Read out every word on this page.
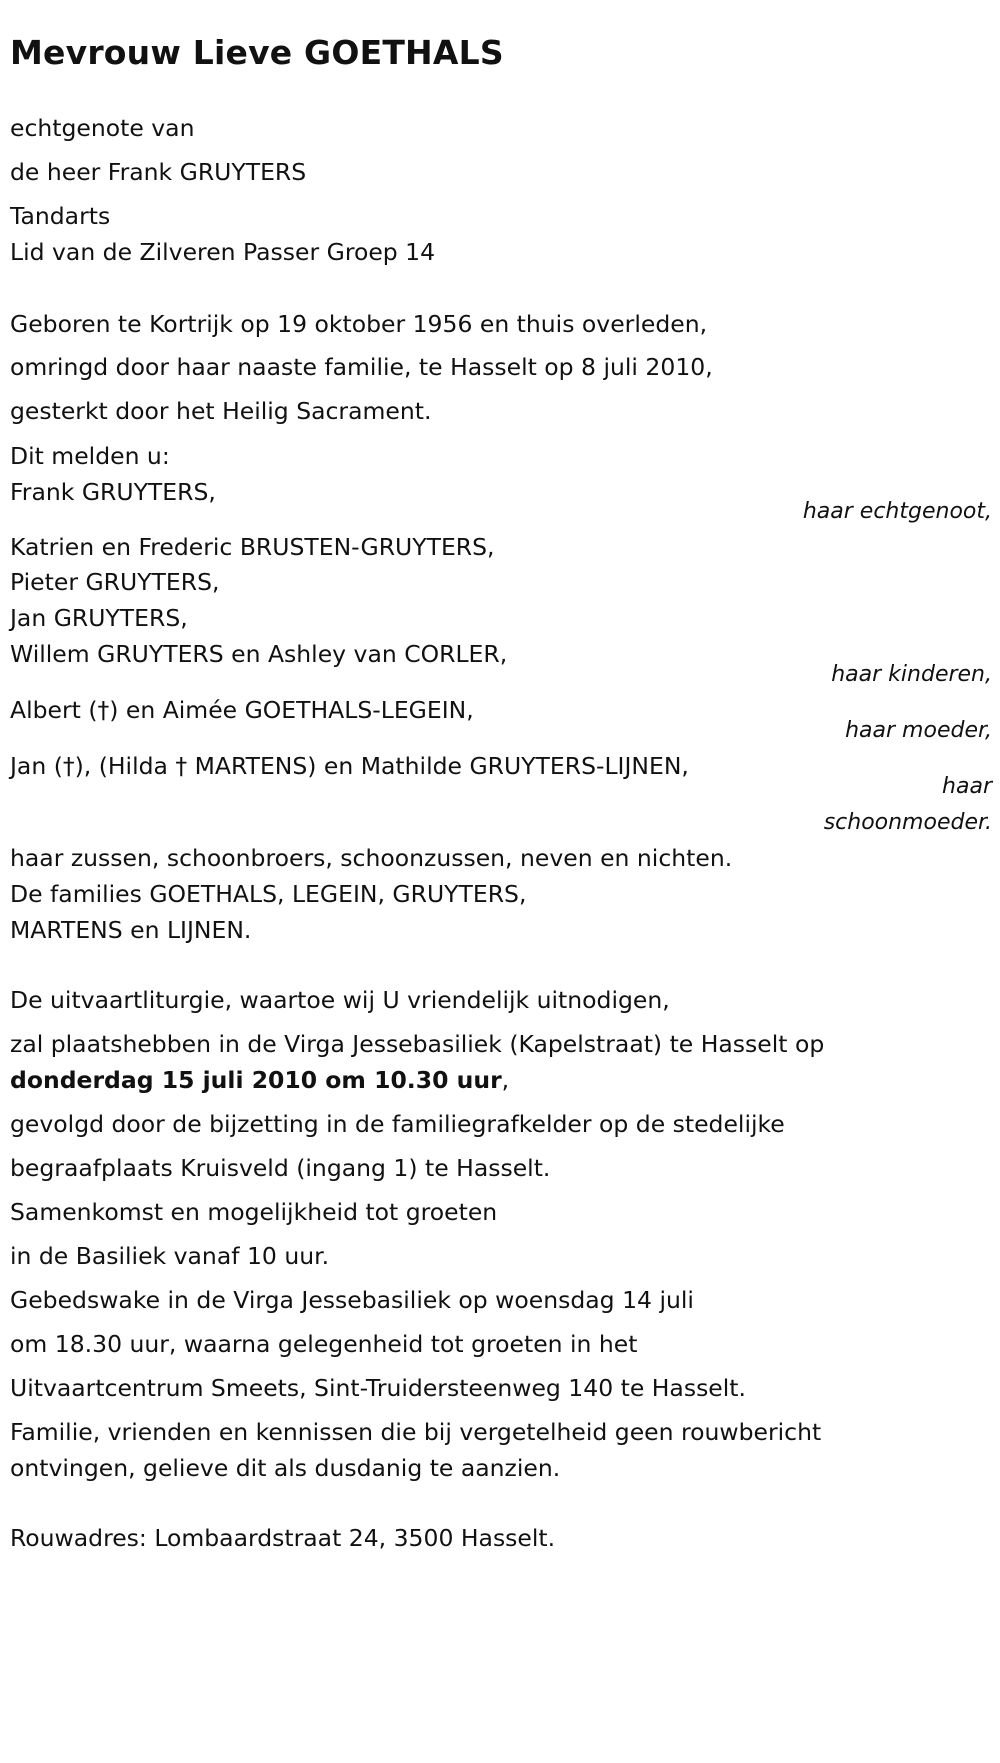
Mevrouw Lieve GOETHALS
echtgenote van
de heer Frank GRUYTERS
Tandarts
Lid van de Zilveren Passer Groep 14
Geboren te Kortrijk op 19 oktober 1956 en thuis overleden,
omringd door haar naaste familie, te Hasselt op 8 juli 2010,
gesterkt door het Heilig Sacrament.
Dit melden u:
Frank GRUYTERS,
haar echtgenoot,
Katrien en Frederic BRUSTEN-GRUYTERS,
Pieter GRUYTERS,
Jan GRUYTERS,
Willem GRUYTERS en Ashley van CORLER,
haar kinderen,
Albert (†) en Aimée GOETHALS-LEGEIN,
haar moeder,
Jan (†), (Hilda † MARTENS) en Mathilde GRUYTERS-LIJNEN,
haar
schoonmoeder.
haar zussen, schoonbroers, schoonzussen, neven en nichten.
De families GOETHALS, LEGEIN, GRUYTERS,
MARTENS en LIJNEN.
De uitvaartliturgie, waartoe wij U vriendelijk uitnodigen,
zal plaatshebben in de Virga Jessebasiliek (Kapelstraat) te Hasselt op
donderdag 15 juli 2010 om 10.30 uur,
gevolgd door de bijzetting in de familiegrafkelder op de stedelijke
begraafplaats Kruisveld (ingang 1) te Hasselt.
Samenkomst en mogelijkheid tot groeten
in de Basiliek vanaf 10 uur.
Gebedswake in de Virga Jessebasiliek op woensdag 14 juli
om 18.30 uur, waarna gelegenheid tot groeten in het
Uitvaartcentrum Smeets, Sint-Truidersteenweg 140 te Hasselt.
Familie, vrienden en kennissen die bij vergetelheid geen rouwbericht
ontvingen, gelieve dit als dusdanig te aanzien.
Rouwadres: Lombaardstraat 24, 3500 Hasselt.
